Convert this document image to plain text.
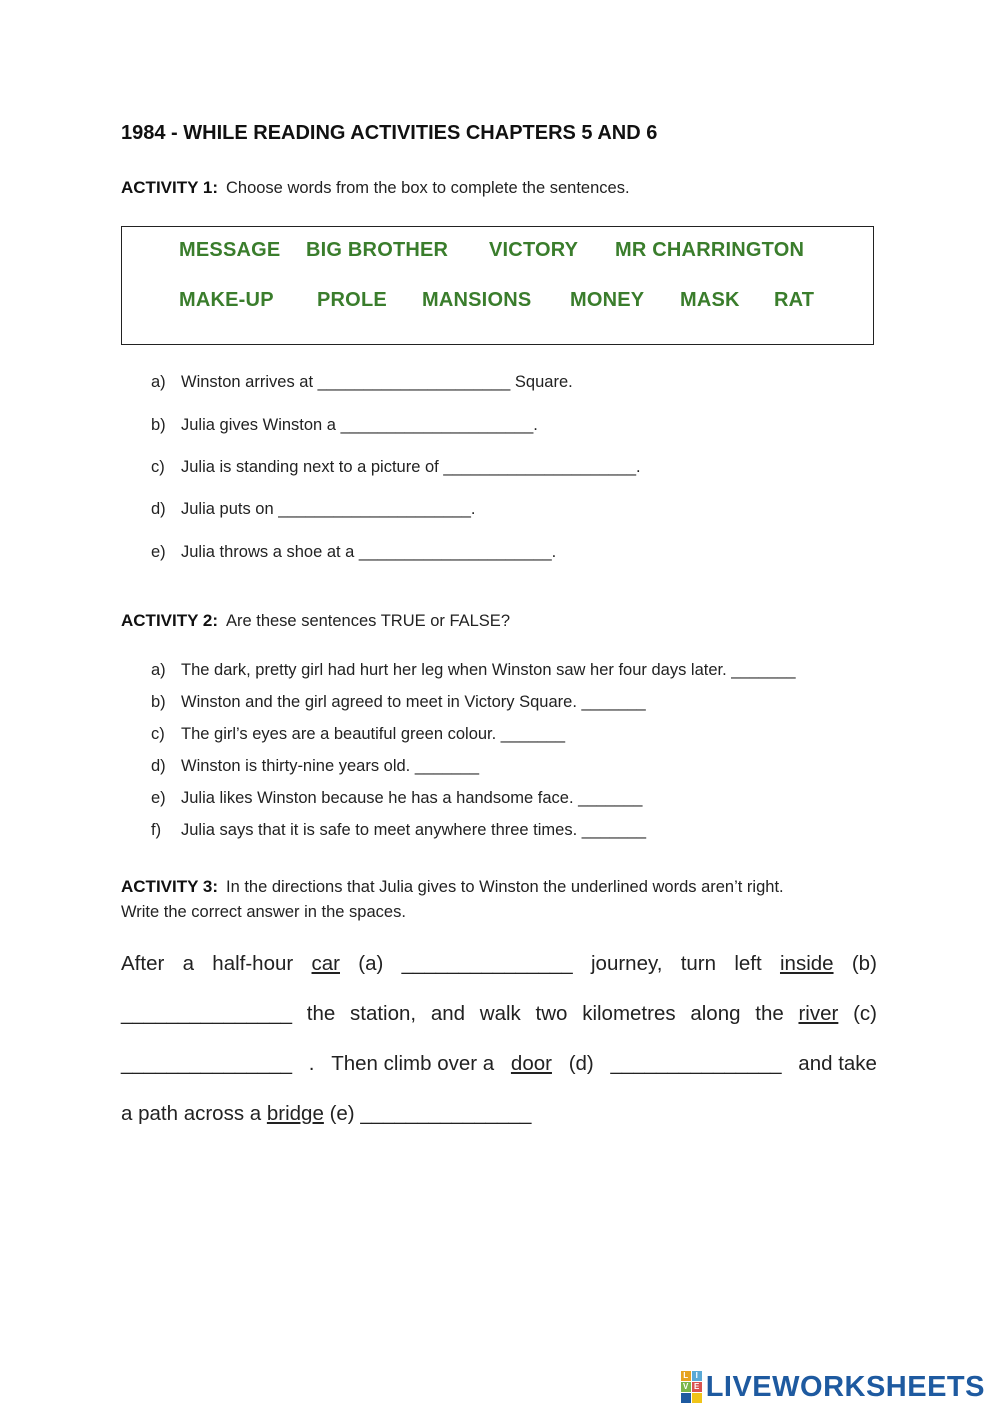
1984 - WHILE READING ACTIVITIES CHAPTERS 5 AND 6
ACTIVITY 1: Choose words from the box to complete the sentences.
MESSAGE BIG BROTHER VICTORY MR CHARRINGTON
MAKE-UP PROLE MANSIONS MONEY MASK RAT
a) Winston arrives at _____________________ Square.
b) Julia gives Winston a _____________________.
c) Julia is standing next to a picture of _____________________.
d) Julia puts on _____________________.
e) Julia throws a shoe at a _____________________.
ACTIVITY 2: Are these sentences TRUE or FALSE?
a) The dark, pretty girl had hurt her leg when Winston saw her four days later. _______
b) Winston and the girl agreed to meet in Victory Square. _______
c) The girl’s eyes are a beautiful green colour. _______
d) Winston is thirty-nine years old. _______
e) Julia likes Winston because he has a handsome face. _______
f) Julia says that it is safe to meet anywhere three times. _______
ACTIVITY 3: In the directions that Julia gives to Winston the underlined words aren’t right.
Write the correct answer in the spaces.
After a half-hour car (a) _______________ journey, turn left inside (b)
_______________ the station, and walk two kilometres along the river (c)
_______________ . Then climb over a door (d) _______________ and take
a path across a bridge (e) _______________
L I
V E LIVEWORKSHEETS
